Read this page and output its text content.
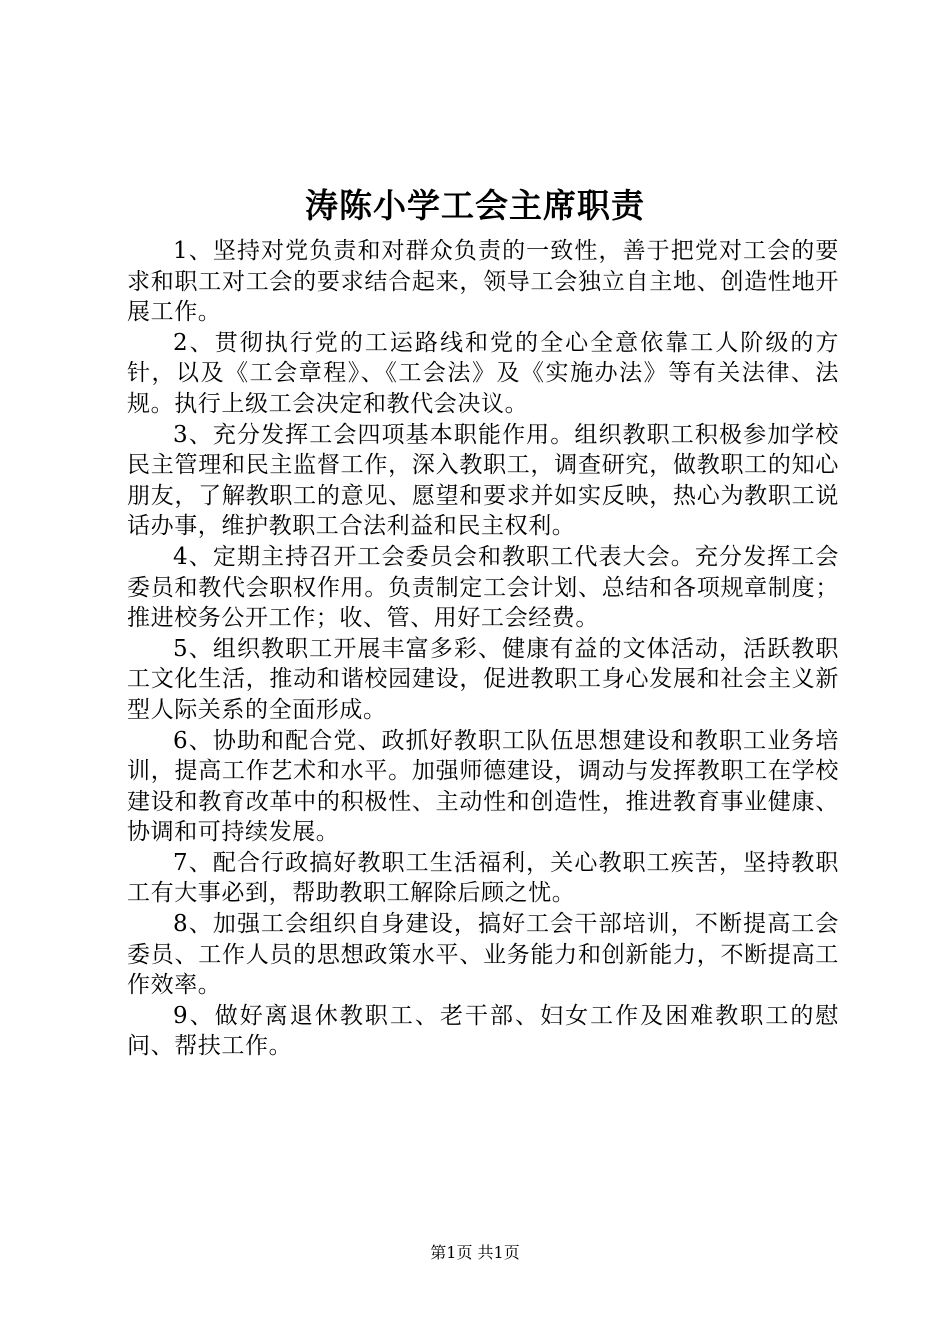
涛陈小学工会主席职责

1、坚持对党负责和对群众负责的一致性，善于把党对工会的要求和职工对工会的要求结合起来，领导工会独立自主地、创造性地开展工作。

2、贯彻执行党的工运路线和党的全心全意依靠工人阶级的方针，以及《工会章程》、《工会法》及《实施办法》等有关法律、法规。执行上级工会决定和教代会决议。

3、充分发挥工会四项基本职能作用。组织教职工积极参加学校民主管理和民主监督工作，深入教职工，调查研究，做教职工的知心朋友，了解教职工的意见、愿望和要求并如实反映，热心为教职工说话办事，维护教职工合法利益和民主权利。

4、定期主持召开工会委员会和教职工代表大会。充分发挥工会委员和教代会职权作用。负责制定工会计划、总结和各项规章制度；推进校务公开工作；收、管、用好工会经费。

5、组织教职工开展丰富多彩、健康有益的文体活动，活跃教职工文化生活，推动和谐校园建设，促进教职工身心发展和社会主义新型人际关系的全面形成。

6、协助和配合党、政抓好教职工队伍思想建设和教职工业务培训，提高工作艺术和水平。加强师德建设，调动与发挥教职工在学校建设和教育改革中的积极性、主动性和创造性，推进教育事业健康、协调和可持续发展。

7、配合行政搞好教职工生活福利，关心教职工疾苦，坚持教职工有大事必到，帮助教职工解除后顾之忧。

8、加强工会组织自身建设，搞好工会干部培训，不断提高工会委员、工作人员的思想政策水平、业务能力和创新能力，不断提高工作效率。

9、做好离退休教职工、老干部、妇女工作及困难教职工的慰问、帮扶工作。

第1页 共1页
